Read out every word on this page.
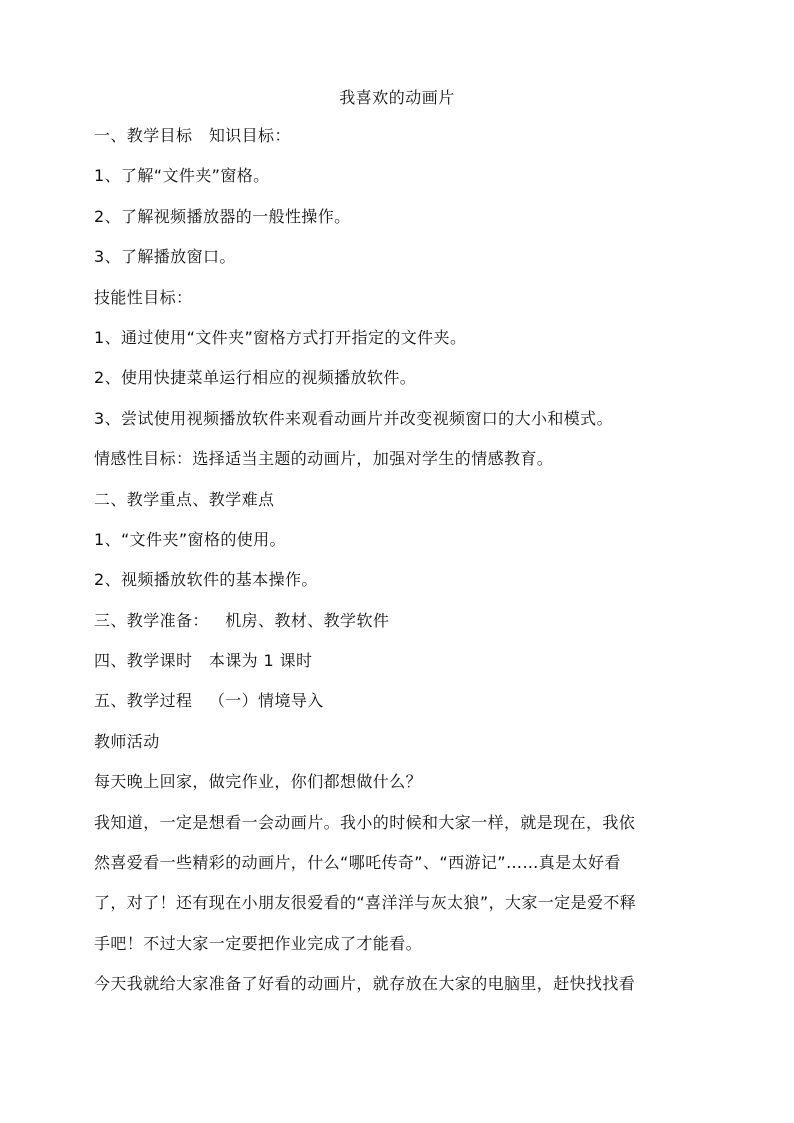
我喜欢的动画片
一、教学目标   知识目标：
1、了解“文件夹”窗格。
2、了解视频播放器的一般性操作。
3、了解播放窗口。
技能性目标：
1、通过使用“文件夹”窗格方式打开指定的文件夹。
2、使用快捷菜单运行相应的视频播放软件。
3、尝试使用视频播放软件来观看动画片并改变视频窗口的大小和模式。
情感性目标：选择适当主题的动画片，加强对学生的情感教育。
二、教学重点、教学难点
1、“文件夹”窗格的使用。
2、视频播放软件的基本操作。
三、教学准备：   机房、教材、教学软件
四、教学课时   本课为 1 课时
五、教学过程   （一）情境导入
教师活动
每天晚上回家，做完作业，你们都想做什么？
我知道，一定是想看一会动画片。我小的时候和大家一样，就是现在，我依
然喜爱看一些精彩的动画片，什么“哪吒传奇”、“西游记”……真是太好看
了，对了！还有现在小朋友很爱看的“喜洋洋与灰太狼”，大家一定是爱不释
手吧！不过大家一定要把作业完成了才能看。
今天我就给大家准备了好看的动画片，就存放在大家的电脑里，赶快找找看
